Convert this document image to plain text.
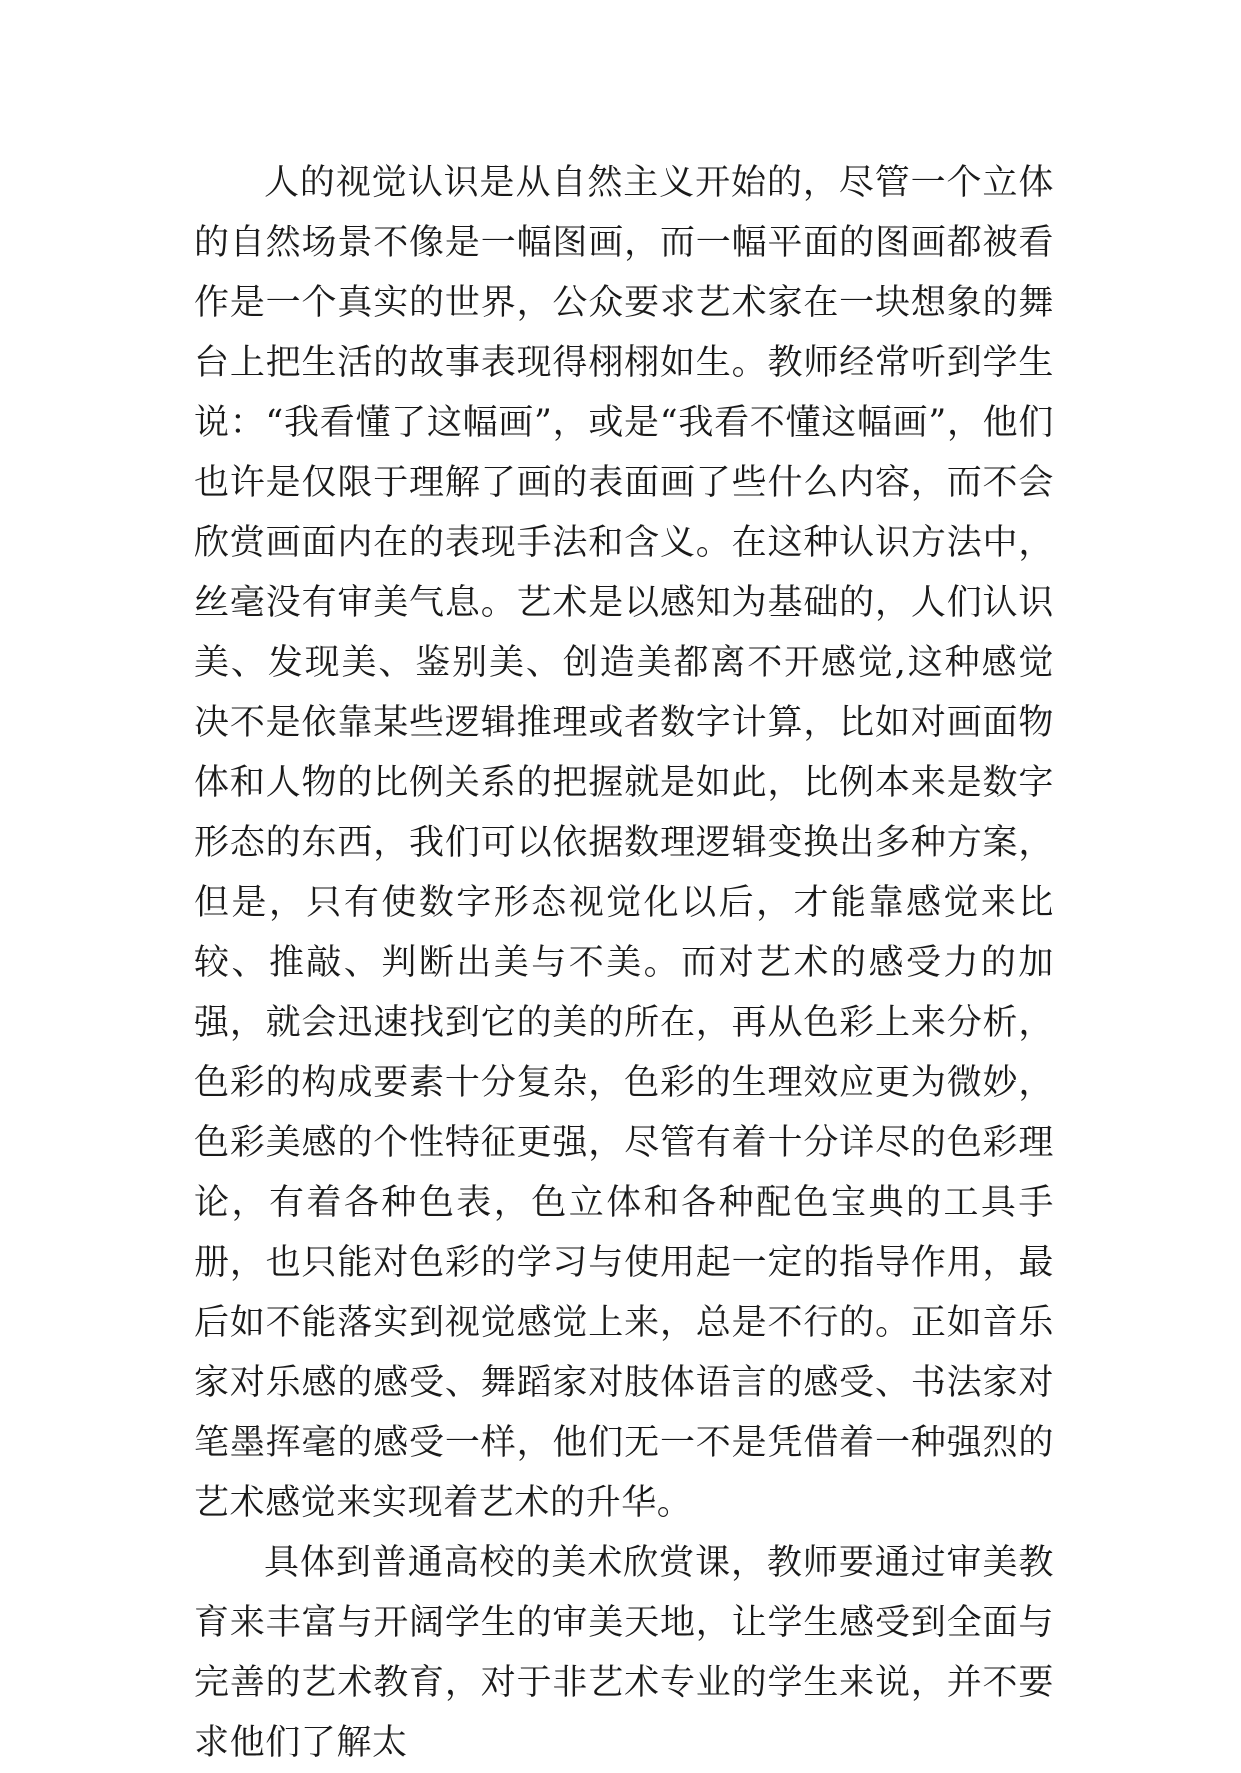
人的视觉认识是从自然主义开始的，尽管一个立体的自然场景不像是一幅图画，而一幅平面的图画都被看作是一个真实的世界，公众要求艺术家在一块想象的舞台上把生活的故事表现得栩栩如生。教师经常听到学生说：“我看懂了这幅画”，或是“我看不懂这幅画”，他们也许是仅限于理解了画的表面画了些什么内容，而不会欣赏画面内在的表现手法和含义。在这种认识方法中，丝毫没有审美气息。艺术是以感知为基础的，人们认识美、发现美、鉴别美、创造美都离不开感觉,这种感觉决不是依靠某些逻辑推理或者数字计算，比如对画面物体和人物的比例关系的把握就是如此，比例本来是数字形态的东西，我们可以依据数理逻辑变换出多种方案，但是，只有使数字形态视觉化以后，才能靠感觉来比较、推敲、判断出美与不美。而对艺术的感受力的加强，就会迅速找到它的美的所在，再从色彩上来分析，色彩的构成要素十分复杂，色彩的生理效应更为微妙，色彩美感的个性特征更强，尽管有着十分详尽的色彩理论，有着各种色表，色立体和各种配色宝典的工具手册，也只能对色彩的学习与使用起一定的指导作用，最后如不能落实到视觉感觉上来，总是不行的。正如音乐家对乐感的感受、舞蹈家对肢体语言的感受、书法家对笔墨挥毫的感受一样，他们无一不是凭借着一种强烈的艺术感觉来实现着艺术的升华。

具体到普通高校的美术欣赏课，教师要通过审美教育来丰富与开阔学生的审美天地，让学生感受到全面与完善的艺术教育，对于非艺术专业的学生来说，并不要求他们了解太
